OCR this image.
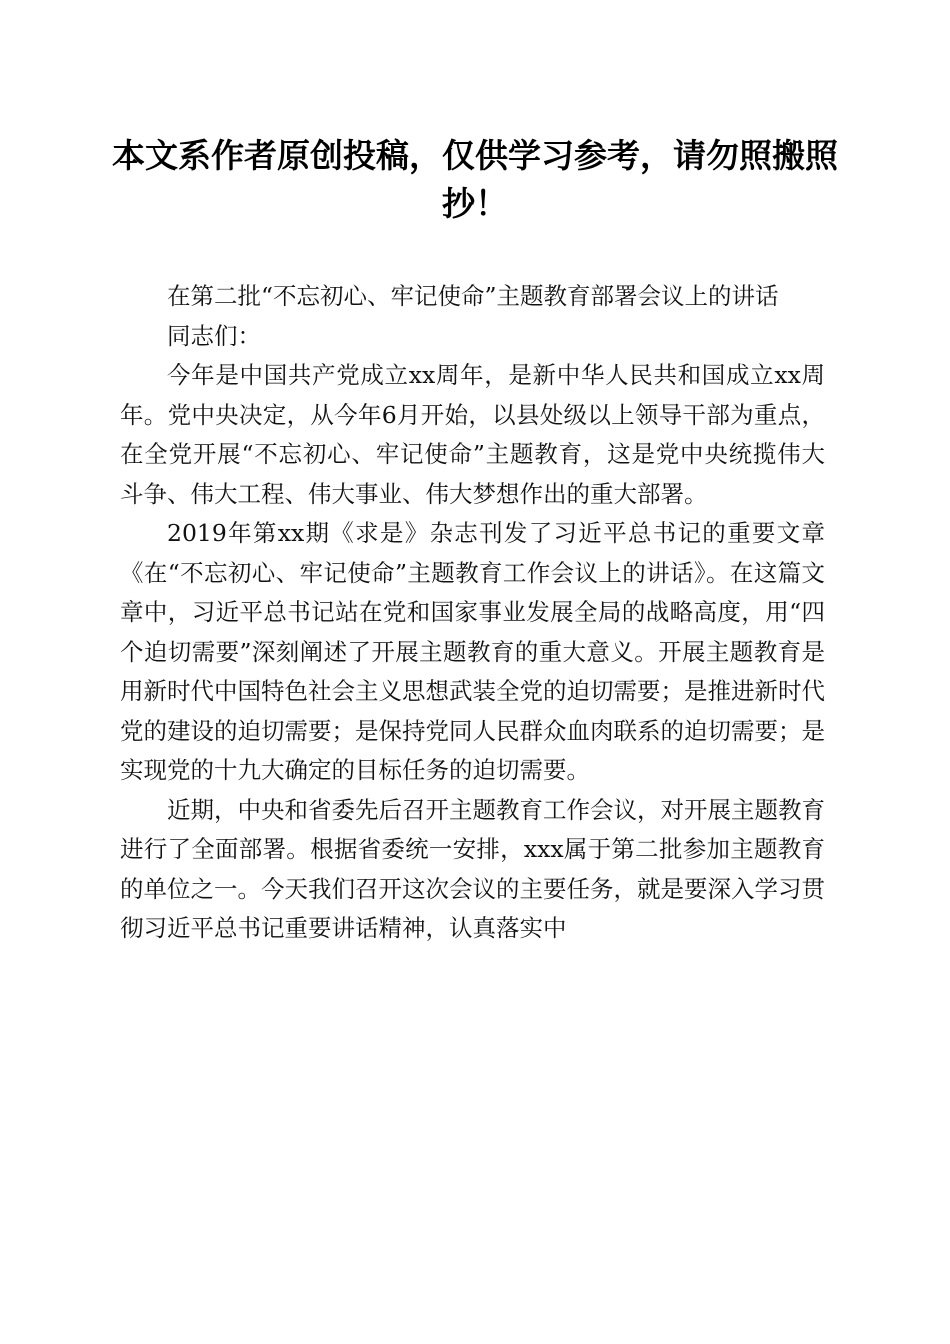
本文系作者原创投稿，仅供学习参考，请勿照搬照抄！

在第二批“不忘初心、牢记使命”主题教育部署会议上的讲话

同志们：

今年是中国共产党成立xx周年，是新中华人民共和国成立xx周年。党中央决定，从今年6月开始，以县处级以上领导干部为重点，在全党开展“不忘初心、牢记使命”主题教育，这是党中央统揽伟大斗争、伟大工程、伟大事业、伟大梦想作出的重大部署。

2019年第xx期《求是》杂志刊发了习近平总书记的重要文章《在“不忘初心、牢记使命”主题教育工作会议上的讲话》。在这篇文章中，习近平总书记站在党和国家事业发展全局的战略高度，用“四个迫切需要”深刻阐述了开展主题教育的重大意义。开展主题教育是用新时代中国特色社会主义思想武装全党的迫切需要；是推进新时代党的建设的迫切需要；是保持党同人民群众血肉联系的迫切需要；是实现党的十九大确定的目标任务的迫切需要。

近期，中央和省委先后召开主题教育工作会议，对开展主题教育进行了全面部署。根据省委统一安排，xxx属于第二批参加主题教育的单位之一。今天我们召开这次会议的主要任务，就是要深入学习贯彻习近平总书记重要讲话精神，认真落实中
